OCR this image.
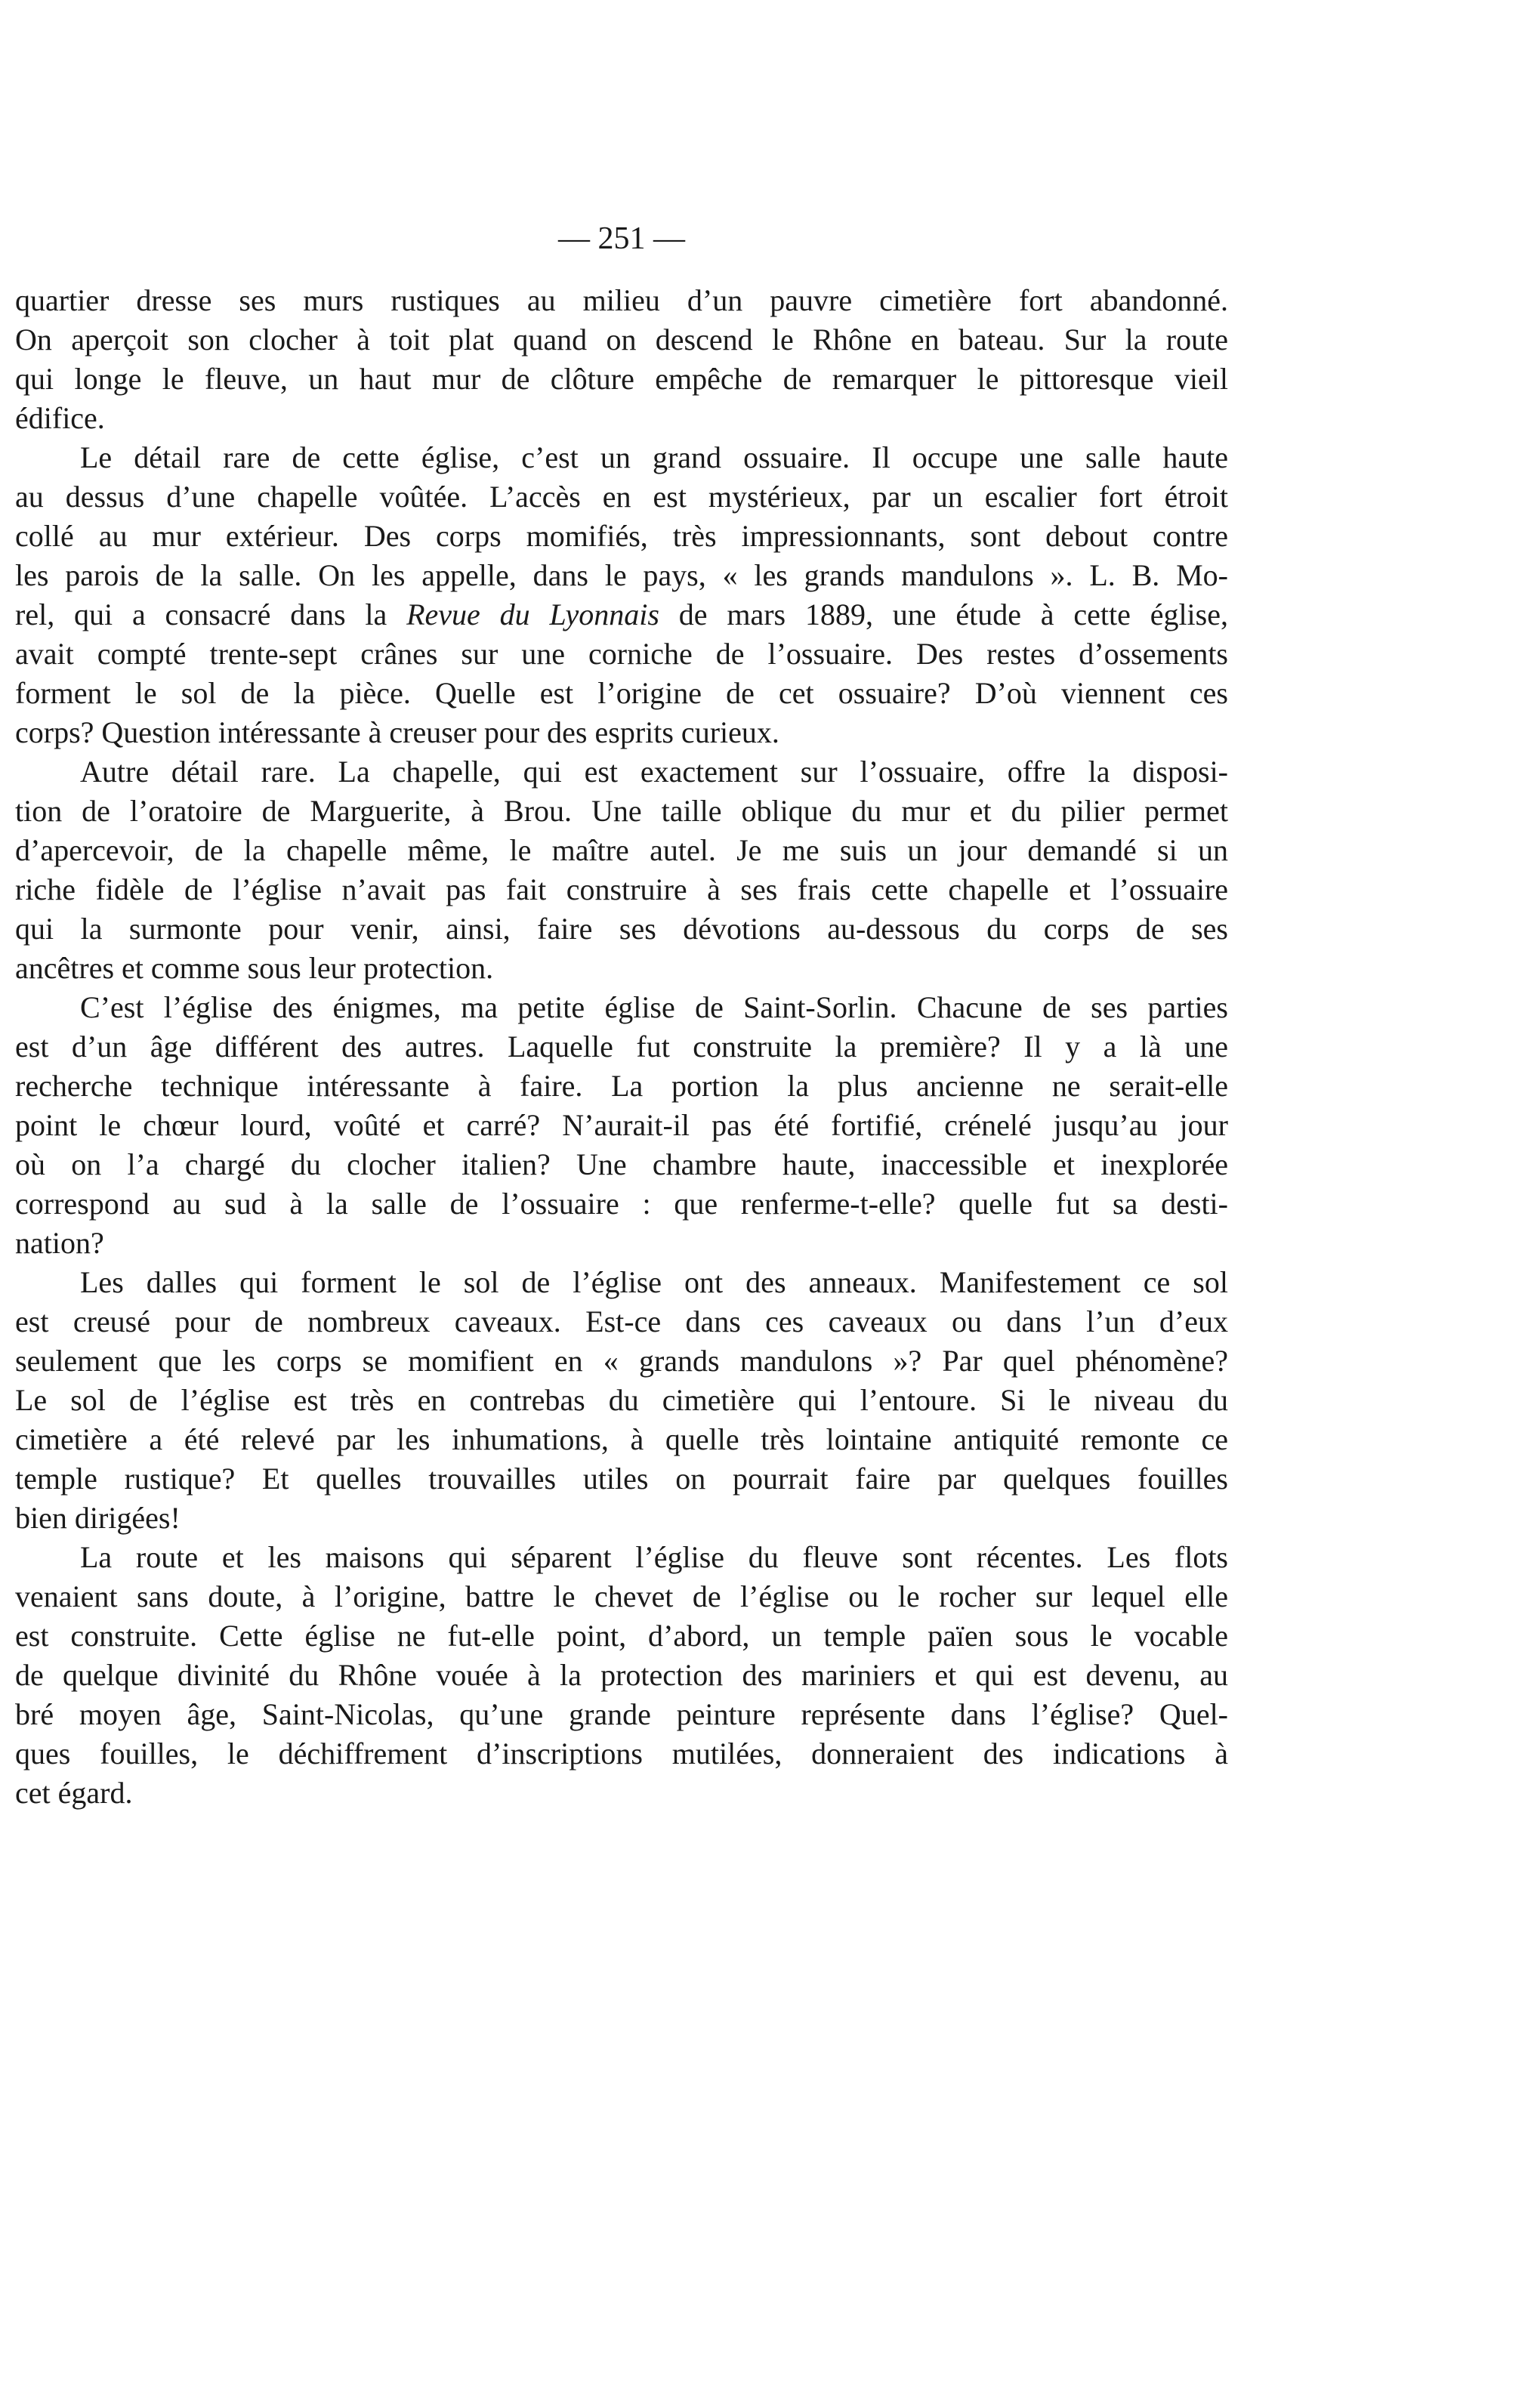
— 251 —
quartier dresse ses murs rustiques au milieu d’un pauvre cimetière fort abandonné.
On aperçoit son clocher à toit plat quand on descend le Rhône en bateau. Sur la route
qui longe le fleuve, un haut mur de clôture empêche de remarquer le pittoresque vieil
édifice.
Le détail rare de cette église, c’est un grand ossuaire. Il occupe une salle haute
au dessus d’une chapelle voûtée. L’accès en est mystérieux, par un escalier fort étroit
collé au mur extérieur. Des corps momifiés, très impressionnants, sont debout contre
les parois de la salle. On les appelle, dans le pays, « les grands mandulons ». L. B. Mo-
rel, qui a consacré dans la Revue du Lyonnais de mars 1889, une étude à cette église,
avait compté trente-sept crânes sur une corniche de l’ossuaire. Des restes d’ossements
forment le sol de la pièce. Quelle est l’origine de cet ossuaire? D’où viennent ces
corps? Question intéressante à creuser pour des esprits curieux.
Autre détail rare. La chapelle, qui est exactement sur l’ossuaire, offre la disposi-
tion de l’oratoire de Marguerite, à Brou. Une taille oblique du mur et du pilier permet
d’apercevoir, de la chapelle même, le maître autel. Je me suis un jour demandé si un
riche fidèle de l’église n’avait pas fait construire à ses frais cette chapelle et l’ossuaire
qui la surmonte pour venir, ainsi, faire ses dévotions au-dessous du corps de ses
ancêtres et comme sous leur protection.
C’est l’église des énigmes, ma petite église de Saint-Sorlin. Chacune de ses parties
est d’un âge différent des autres. Laquelle fut construite la première? Il y a là une
recherche technique intéressante à faire. La portion la plus ancienne ne serait-elle
point le chœur lourd, voûté et carré? N’aurait-il pas été fortifié, crénelé jusqu’au jour
où on l’a chargé du clocher italien? Une chambre haute, inaccessible et inexplorée
correspond au sud à la salle de l’ossuaire : que renferme-t-elle? quelle fut sa desti-
nation?
Les dalles qui forment le sol de l’église ont des anneaux. Manifestement ce sol
est creusé pour de nombreux caveaux. Est-ce dans ces caveaux ou dans l’un d’eux
seulement que les corps se momifient en « grands mandulons »? Par quel phénomène?
Le sol de l’église est très en contrebas du cimetière qui l’entoure. Si le niveau du
cimetière a été relevé par les inhumations, à quelle très lointaine antiquité remonte ce
temple rustique? Et quelles trouvailles utiles on pourrait faire par quelques fouilles
bien dirigées!
La route et les maisons qui séparent l’église du fleuve sont récentes. Les flots
venaient sans doute, à l’origine, battre le chevet de l’église ou le rocher sur lequel elle
est construite. Cette église ne fut-elle point, d’abord, un temple païen sous le vocable
de quelque divinité du Rhône vouée à la protection des mariniers et qui est devenu, au
bré moyen âge, Saint-Nicolas, qu’une grande peinture représente dans l’église? Quel-
ques fouilles, le déchiffrement d’inscriptions mutilées, donneraient des indications à
cet égard.
